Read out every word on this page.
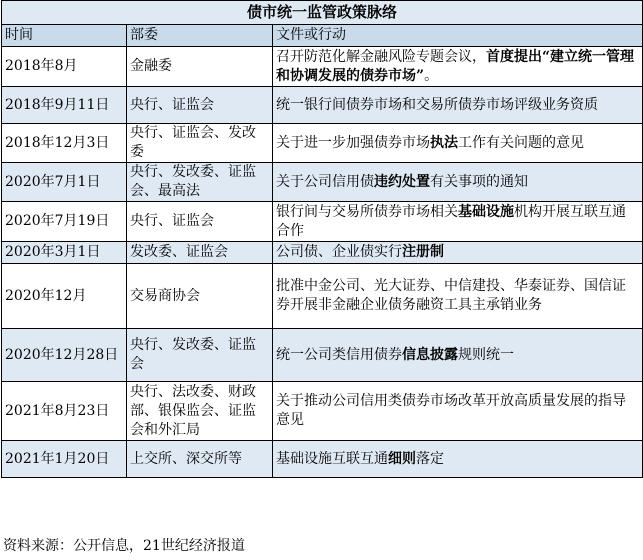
债市统一监管政策脉络		
时间	部委	文件或行动
2018年8月	金融委	召开防范化解金融风险专题会议，首度提出“建立统一管理和协调发展的债券市场”。
2018年9月11日	央行、证监会	统一银行间债券市场和交易所债券市场评级业务资质
2018年12月3日	央行、证监会、发改委	关于进一步加强债券市场执法工作有关问题的意见
2020年7月1日	央行、发改委、证监会、最高法	关于公司信用债违约处置有关事项的通知
2020年7月19日	央行、证监会	银行间与交易所债券市场相关基础设施机构开展互联互通合作
2020年3月1日	发改委、证监会	公司债、企业债实行注册制
2020年12月	交易商协会	批准中金公司、光大证券、中信建投、华泰证券、国信证券开展非金融企业债务融资工具主承销业务
2020年12月28日	央行、发改委、证监会	统一公司类信用债券信息披露规则统一
2021年8月23日	央行、法改委、财政部、银保监会、证监会和外汇局	关于推动公司信用类债券市场改革开放高质量发展的指导意见
2021年1月20日	上交所、深交所等	基础设施互联互通细则落定
资料来源：公开信息，21世纪经济报道
